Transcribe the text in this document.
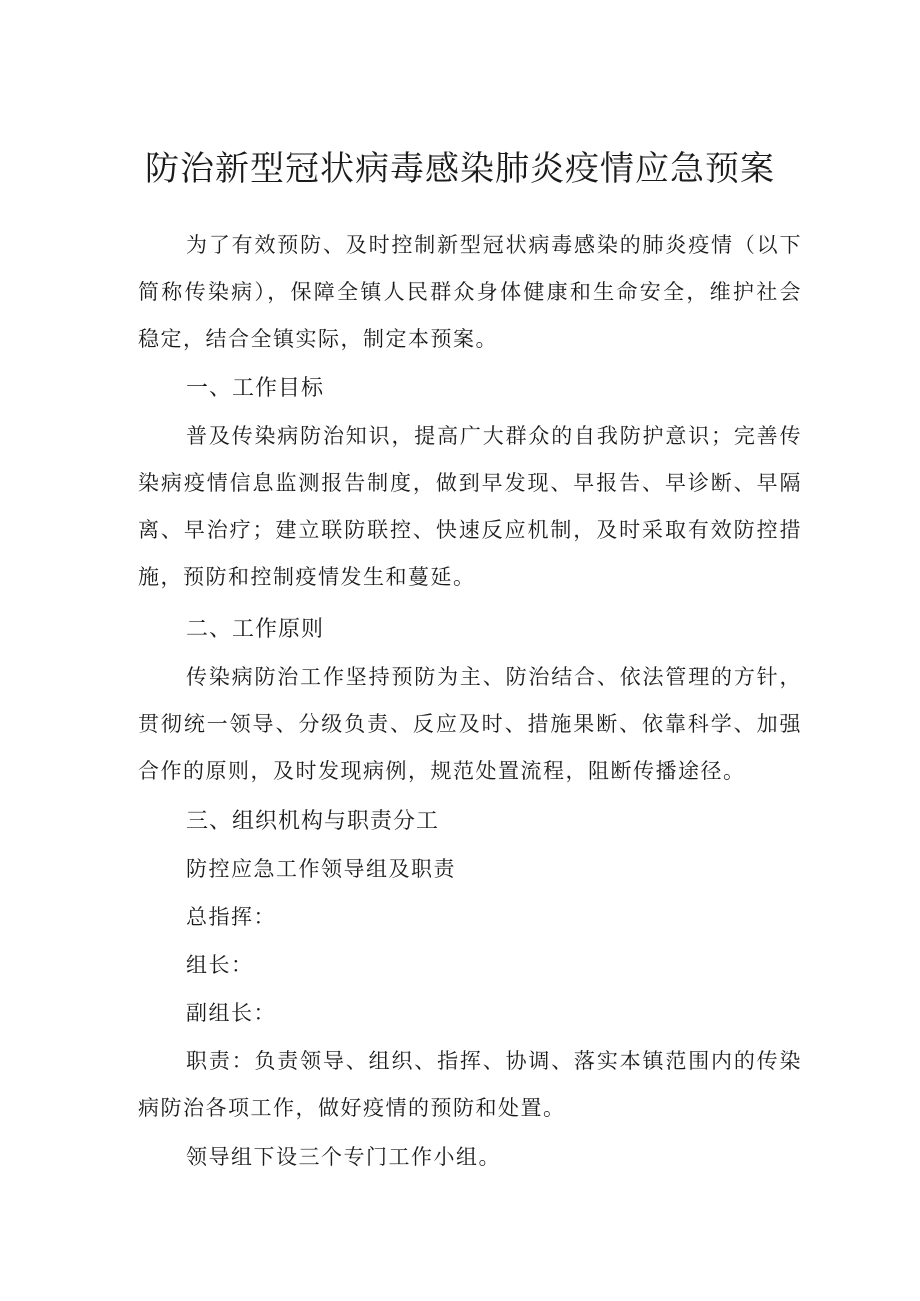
防治新型冠状病毒感染肺炎疫情应急预案

为了有效预防、及时控制新型冠状病毒感染的肺炎疫情（以下简称传染病），保障全镇人民群众身体健康和生命安全，维护社会稳定，结合全镇实际，制定本预案。

一、工作目标

普及传染病防治知识，提高广大群众的自我防护意识；完善传染病疫情信息监测报告制度，做到早发现、早报告、早诊断、早隔离、早治疗；建立联防联控、快速反应机制，及时采取有效防控措施，预防和控制疫情发生和蔓延。

二、工作原则

传染病防治工作坚持预防为主、防治结合、依法管理的方针，贯彻统一领导、分级负责、反应及时、措施果断、依靠科学、加强合作的原则，及时发现病例，规范处置流程，阻断传播途径。

三、组织机构与职责分工

防控应急工作领导组及职责

总指挥：

组长：

副组长：

职责：负责领导、组织、指挥、协调、落实本镇范围内的传染病防治各项工作，做好疫情的预防和处置。

领导组下设三个专门工作小组。
